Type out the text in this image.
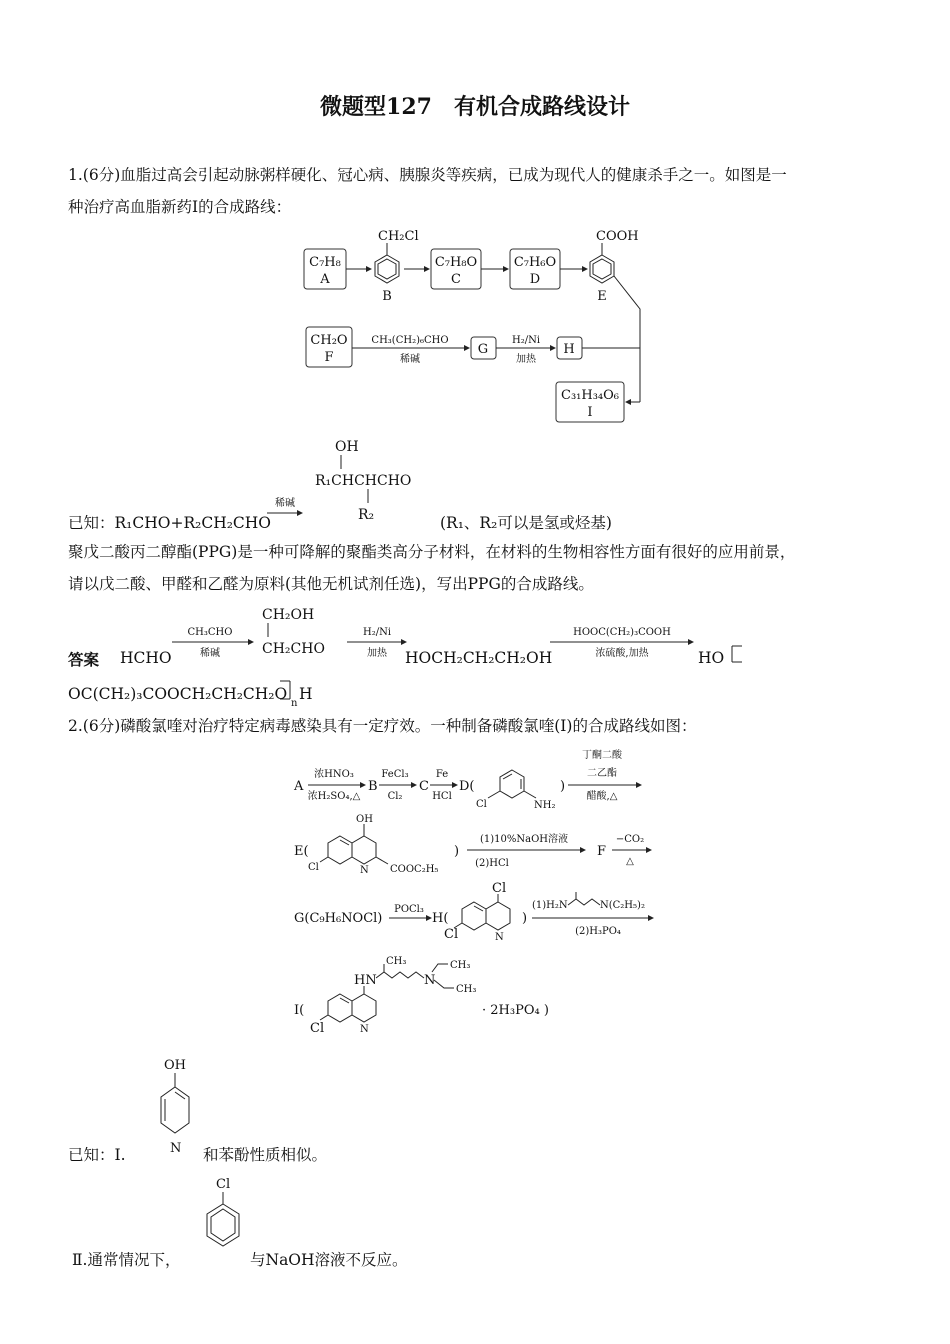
微题型127　有机合成路线设计
1.(6分)血脂过高会引起动脉粥样硬化、冠心病、胰腺炎等疾病，已成为现代人的健康杀手之一。如图是一
种治疗高血脂新药I的合成路线：
C₇H₈
A
CH₂Cl
B
C₇H₈O
C
C₇H₆O
D
COOH
E
CH₂O
F
CH₃(CH₂)₆CHO
稀碱
G
H₂/Ni
加热
H
C₃₁H₃₄O₆
I
稀碱
OH
R₁CHCHCHO
R₂
已知：R₁CHO+R₂CH₂CHO	(R₁、R₂可以是氢或烃基)
聚戊二酸丙二醇酯(PPG)是一种可降解的聚酯类高分子材料，在材料的生物相容性方面有很好的应用前景，
请以戊二酸、甲醛和乙醛为原料(其他无机试剂任选)，写出PPG的合成路线。
答案 HCHO
CH₃CHO
稀碱
CH₂OH
CH₂CHO
H₂/Ni
加热
HOOC(CH₂)₃COOH
浓硫酸,加热
HOCH₂CH₂CH₂OH	HO
OC(CH₂)₃COOCH₂CH₂CH₂O
n
H
2.(6分)磷酸氯喹对治疗特定病毒感染具有一定疗效。一种制备磷酸氯喹(I)的合成路线如图：
A
浓HNO₃
浓H₂SO₄,△
B
FeCl₃
Cl₂
C
Fe
HCl
D(
Cl	NH₂
)
丁酮二酸
二乙酯
醋酸,△
E(
OH
Cl	N COOC₂H₅
)
(1)10%NaOH溶液
(2)HCl
F
−CO₂
△
G(C₉H₆NOCl)
POCl₃
H(
Cl
Cl	N
)
(1)H₂N	N(C₂H₅)₂
(2)H₃PO₄
I(
HN
Cl	N
CH₃
N
CH₃
CH₃
· 2H₃PO₄ )
已知：Ⅰ.
OH
N 和苯酚性质相似。
Ⅱ.通常情况下，
Cl
与NaOH溶液不反应。
